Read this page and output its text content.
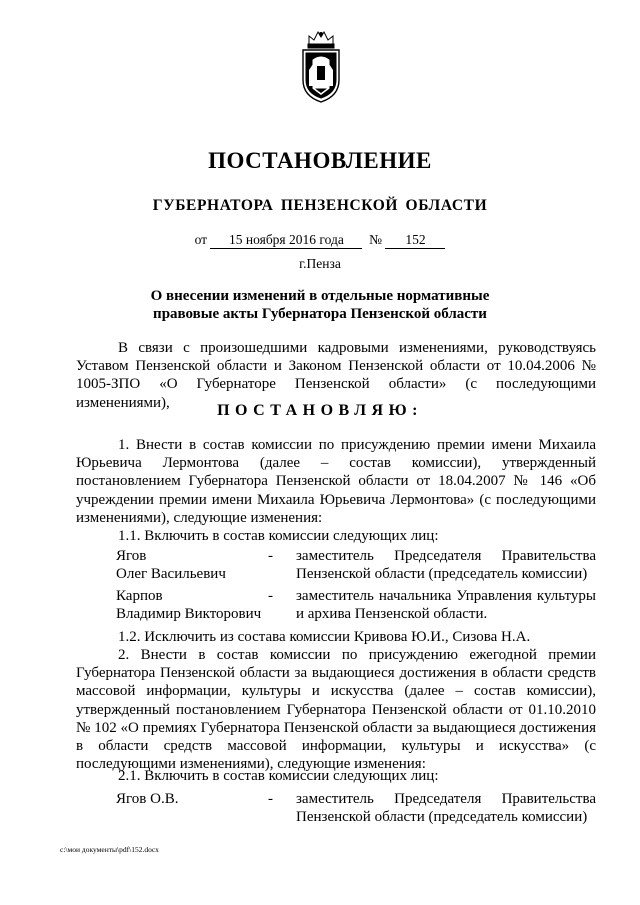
ПОСТАНОВЛЕНИЕ
ГУБЕРНАТОРА ПЕНЗЕНСКОЙ ОБЛАСТИ
от 15 ноября 2016 года № 152
г.Пенза
О внесении изменений в отдельные нормативные
правовые акты Губернатора Пензенской области
В связи с произошедшими кадровыми изменениями, руководствуясь Уставом Пензенской области и Законом Пензенской области от 10.04.2006 № 1005-ЗПО «О Губернаторе Пензенской области» (с последующими изменениями),	ПОСТАНОВЛЯЮ:
1. Внести в состав комиссии по присуждению премии имени Михаила Юрьевича Лермонтова (далее – состав комиссии), утвержденный постановлением Губернатора Пензенской области от 18.04.2007 № 146 «Об учреждении премии имени Михаила Юрьевича Лермонтова» (с последующими изменениями), следующие изменения:
1.1. Включить в состав комиссии следующих лиц:
Ягов
Олег Васильевич
- заместитель Председателя Правительства Пензенской области (председатель комиссии)
Карпов
Владимир Викторович
- заместитель начальника Управления культуры и архива Пензенской области.
1.2. Исключить из состава комиссии Кривова Ю.И., Сизова Н.А.
2. Внести в состав комиссии по присуждению ежегодной премии Губернатора Пензенской области за выдающиеся достижения в области средств массовой информации, культуры и искусства (далее – состав комиссии), утвержденный постановлением Губернатора Пензенской области от 01.10.2010 № 102 «О премиях Губернатора Пензенской области за выдающиеся достижения в области средств массовой информации, культуры и искусства» (с последующими изменениями), следующие изменения:
2.1. Включить в состав комиссии следующих лиц:
Ягов О.В.	- заместитель Председателя Правительства Пензенской области (председатель комиссии)
c:\мои документы\pdf\152.docx
